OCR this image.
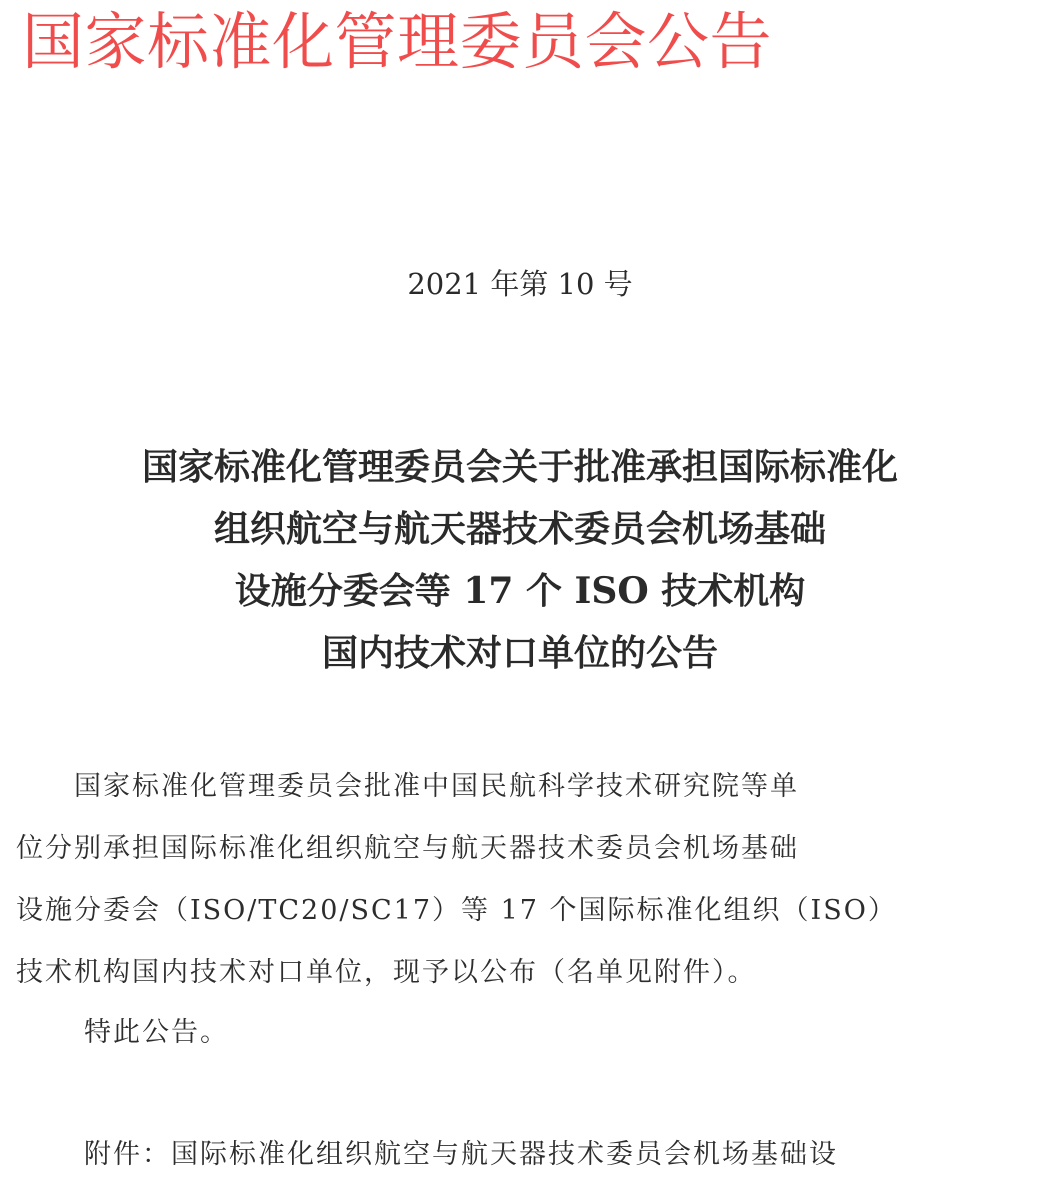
国家标准化管理委员会公告
2021 年第 10 号
国家标准化管理委员会关于批准承担国际标准化
组织航空与航天器技术委员会机场基础
设施分委会等 17 个 ISO 技术机构
国内技术对口单位的公告
　　国家标准化管理委员会批准中国民航科学技术研究院等单
位分别承担国际标准化组织航空与航天器技术委员会机场基础
设施分委会（ISO/TC20/SC17）等 17 个国际标准化组织（ISO）
技术机构国内技术对口单位，现予以公布（名单见附件）。
特此公告。
附件：国际标准化组织航空与航天器技术委员会机场基础设
